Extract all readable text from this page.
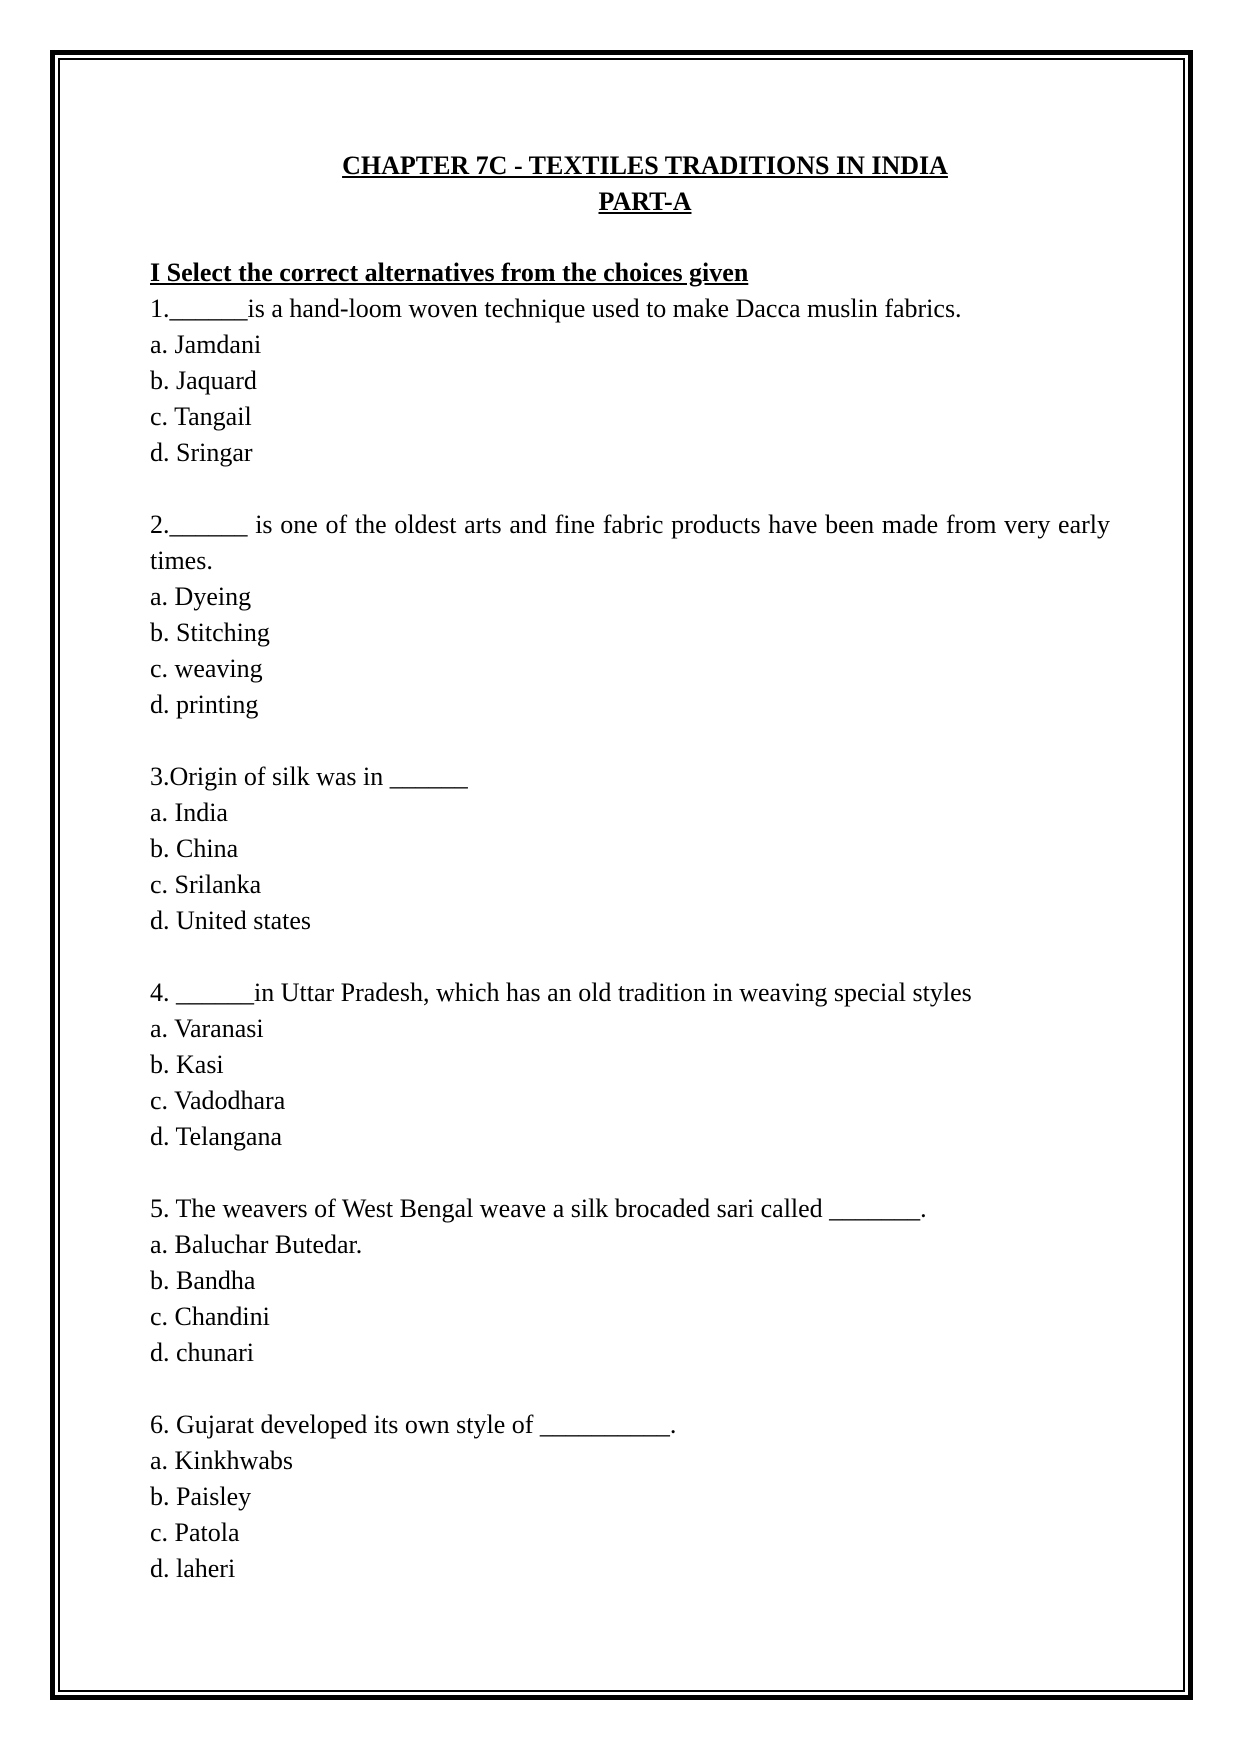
CHAPTER 7C - TEXTILES TRADITIONS IN INDIA

PART-A

I Select the correct alternatives from the choices given

1.______is a hand-loom woven technique used to make Dacca muslin fabrics.

a. Jamdani

b. Jaquard

c. Tangail

d. Sringar

2.______ is one of the oldest arts and fine fabric products have been made from very early times.

a. Dyeing

b. Stitching

c. weaving

d. printing

3.Origin of silk was in ______

a. India

b. China

c. Srilanka

d. United states

4. ______in Uttar Pradesh, which has an old tradition in weaving special styles

a. Varanasi

b. Kasi

c. Vadodhara

d. Telangana

5. The weavers of West Bengal weave a silk brocaded sari called _______.

a. Baluchar Butedar.

b. Bandha

c. Chandini

d. chunari

6. Gujarat developed its own style of __________.

a. Kinkhwabs

b. Paisley

c. Patola

d. laheri
